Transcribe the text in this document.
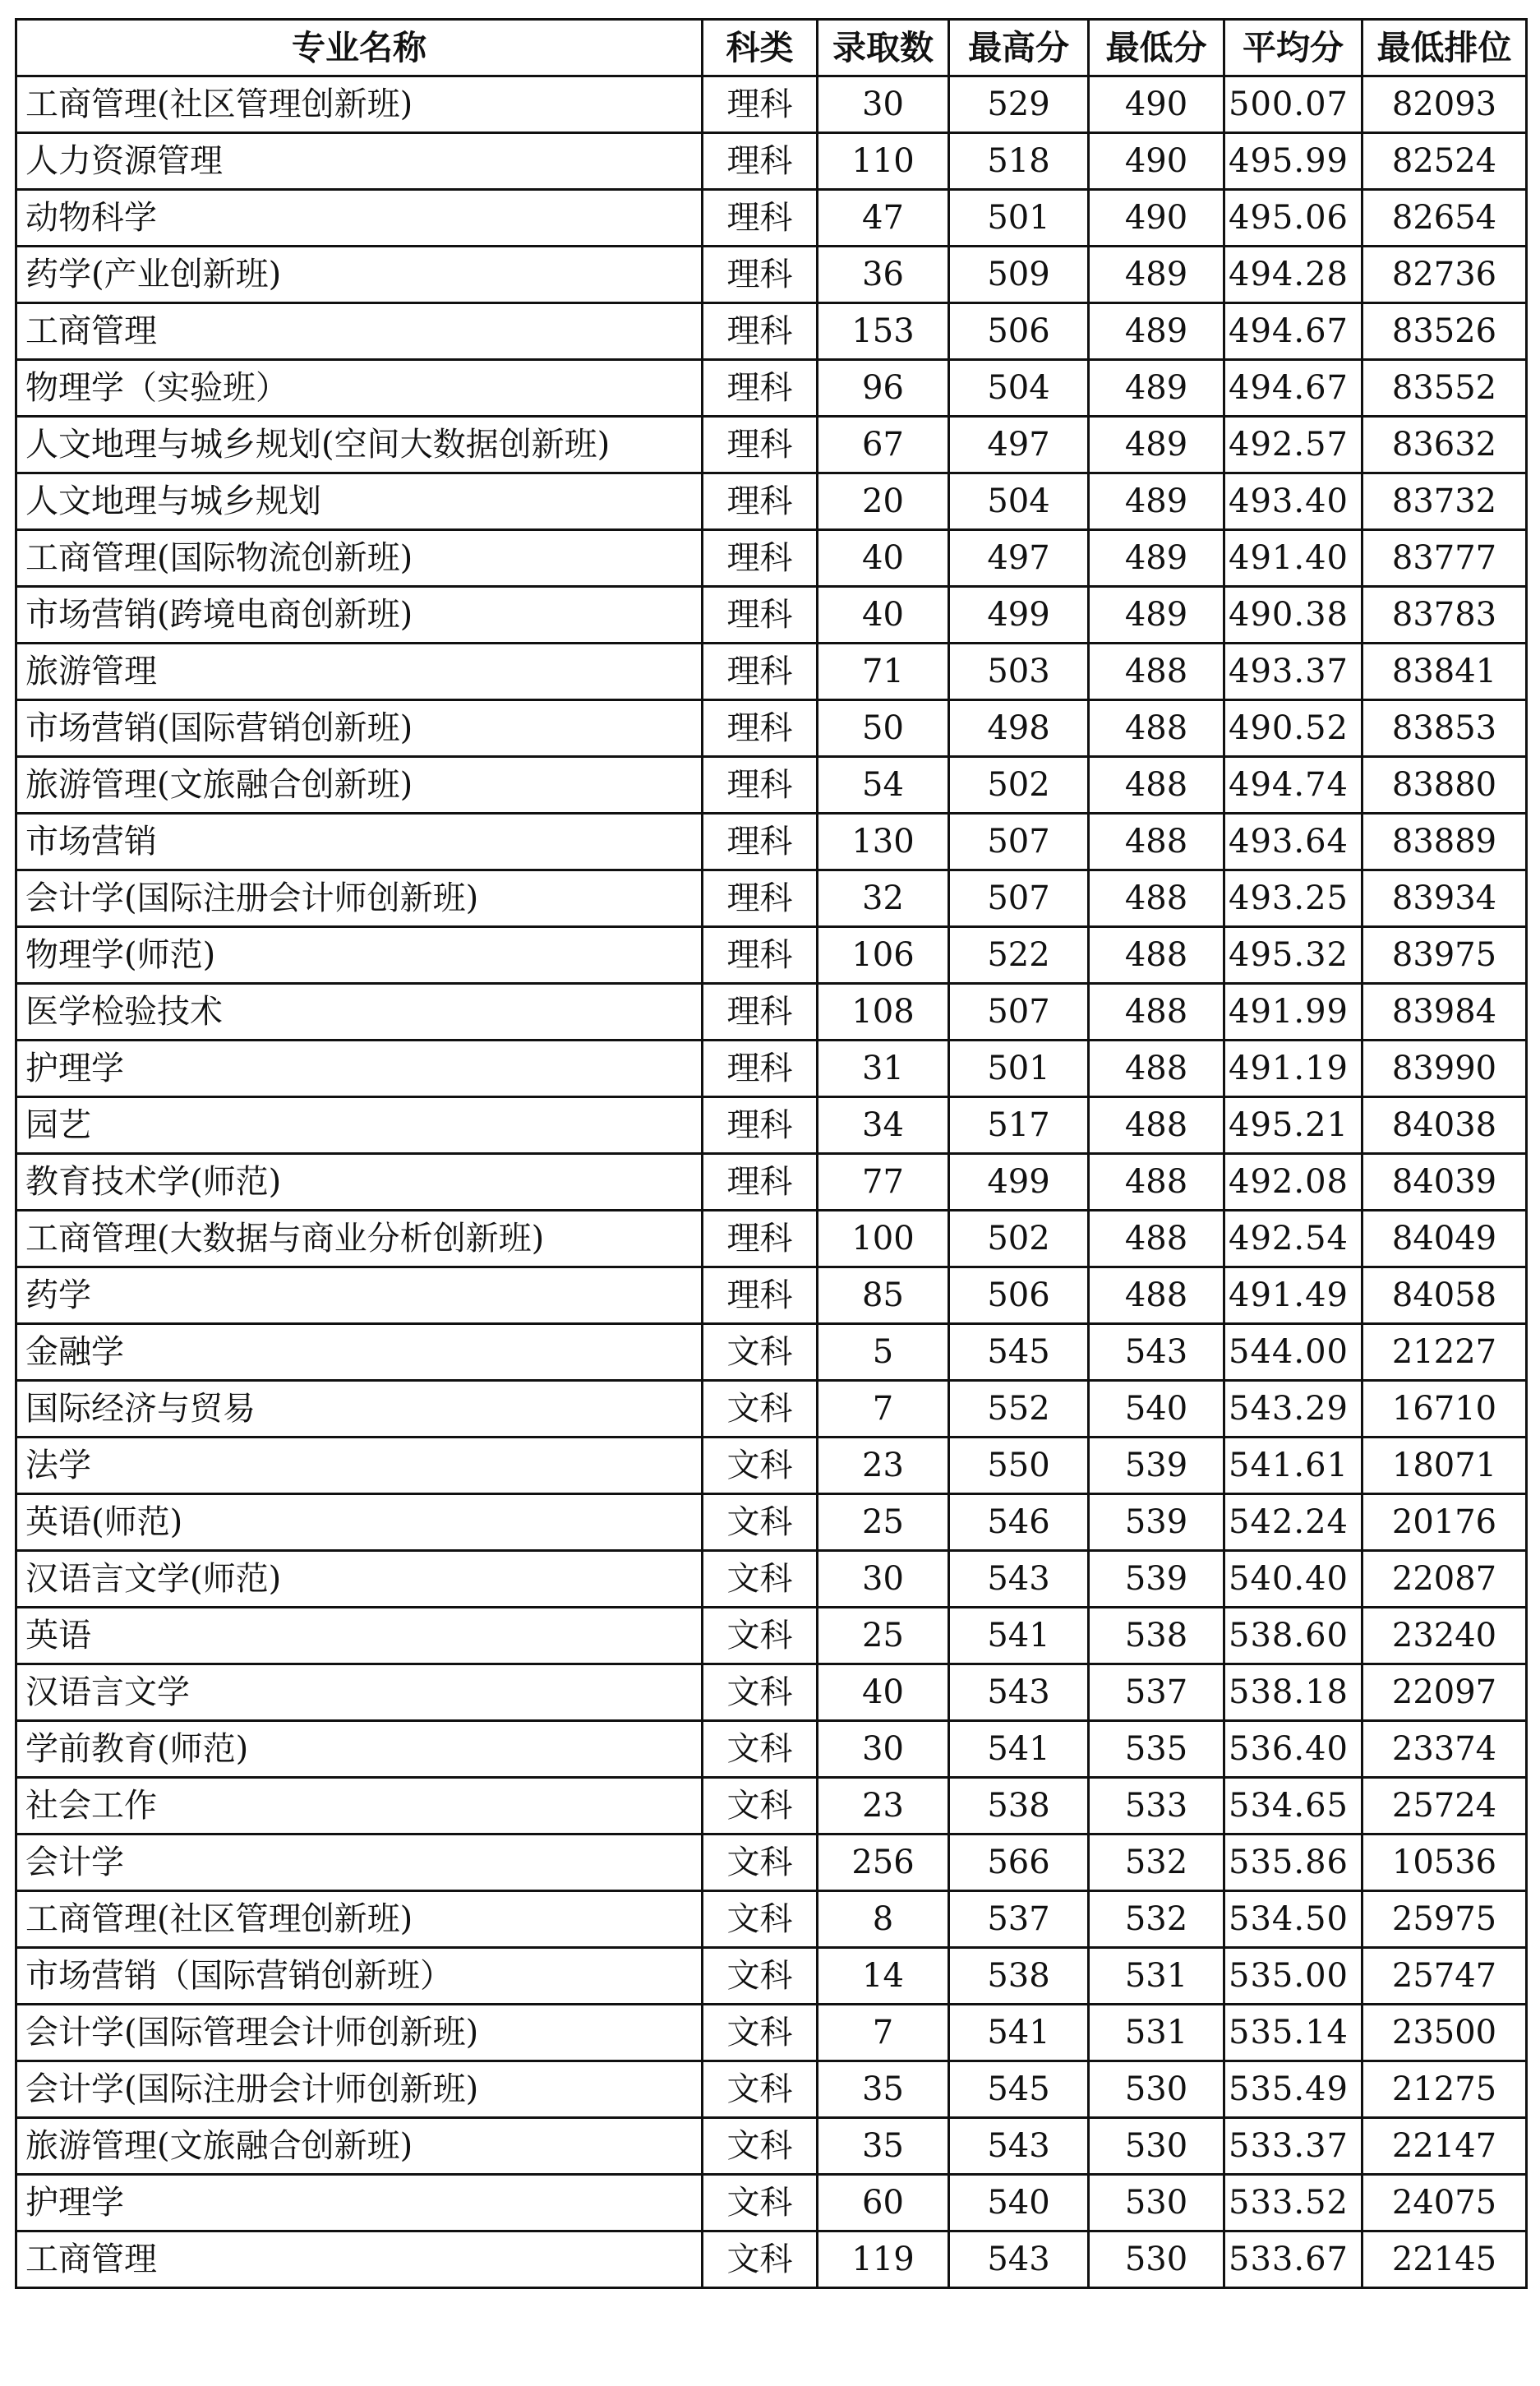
专业名称	科类	录取数	最高分	最低分	平均分	最低排位
工商管理(社区管理创新班)	理科	30	529	490	500.07	82093
人力资源管理	理科	110	518	490	495.99	82524
动物科学	理科	47	501	490	495.06	82654
药学(产业创新班)	理科	36	509	489	494.28	82736
工商管理	理科	153	506	489	494.67	83526
物理学（实验班）	理科	96	504	489	494.67	83552
人文地理与城乡规划(空间大数据创新班)	理科	67	497	489	492.57	83632
人文地理与城乡规划	理科	20	504	489	493.40	83732
工商管理(国际物流创新班)	理科	40	497	489	491.40	83777
市场营销(跨境电商创新班)	理科	40	499	489	490.38	83783
旅游管理	理科	71	503	488	493.37	83841
市场营销(国际营销创新班)	理科	50	498	488	490.52	83853
旅游管理(文旅融合创新班)	理科	54	502	488	494.74	83880
市场营销	理科	130	507	488	493.64	83889
会计学(国际注册会计师创新班)	理科	32	507	488	493.25	83934
物理学(师范)	理科	106	522	488	495.32	83975
医学检验技术	理科	108	507	488	491.99	83984
护理学	理科	31	501	488	491.19	83990
园艺	理科	34	517	488	495.21	84038
教育技术学(师范)	理科	77	499	488	492.08	84039
工商管理(大数据与商业分析创新班)	理科	100	502	488	492.54	84049
药学	理科	85	506	488	491.49	84058
金融学	文科	5	545	543	544.00	21227
国际经济与贸易	文科	7	552	540	543.29	16710
法学	文科	23	550	539	541.61	18071
英语(师范)	文科	25	546	539	542.24	20176
汉语言文学(师范)	文科	30	543	539	540.40	22087
英语	文科	25	541	538	538.60	23240
汉语言文学	文科	40	543	537	538.18	22097
学前教育(师范)	文科	30	541	535	536.40	23374
社会工作	文科	23	538	533	534.65	25724
会计学	文科	256	566	532	535.86	10536
工商管理(社区管理创新班)	文科	8	537	532	534.50	25975
市场营销（国际营销创新班）	文科	14	538	531	535.00	25747
会计学(国际管理会计师创新班)	文科	7	541	531	535.14	23500
会计学(国际注册会计师创新班)	文科	35	545	530	535.49	21275
旅游管理(文旅融合创新班)	文科	35	543	530	533.37	22147
护理学	文科	60	540	530	533.52	24075
工商管理	文科	119	543	530	533.67	22145
